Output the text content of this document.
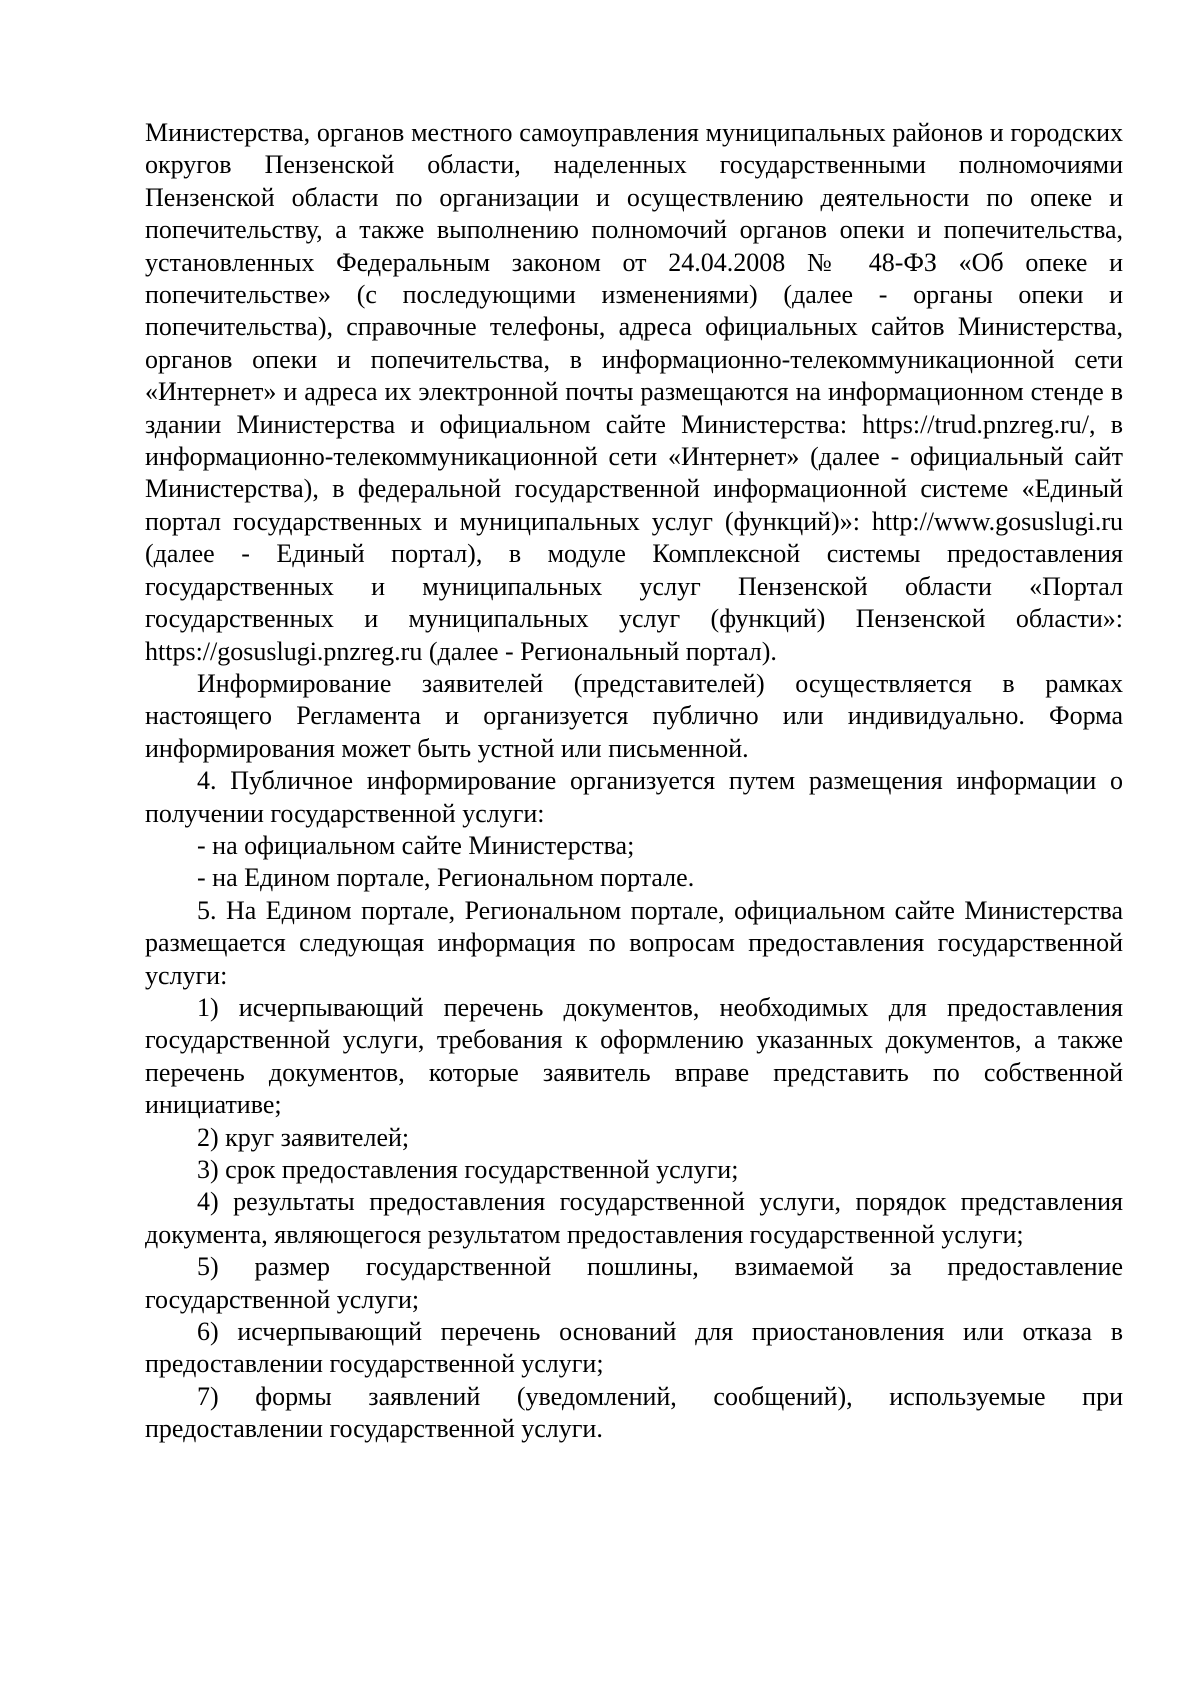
Министерства, органов местного самоуправления муниципальных районов и городских округов Пензенской области, наделенных государственными полномочиями Пензенской области по организации и осуществлению деятельности по опеке и попечительству, а также выполнению полномочий органов опеки и попечительства, установленных Федеральным законом от 24.04.2008 № 48-ФЗ «Об опеке и попечительстве» (с последующими изменениями) (далее - органы опеки и попечительства), справочные телефоны, адреса официальных сайтов Министерства, органов опеки и попечительства, в информационно-телекоммуникационной сети «Интернет» и адреса их электронной почты размещаются на информационном стенде в здании Министерства и официальном сайте Министерства: https://trud.pnzreg.ru/, в информационно-телекоммуникационной сети «Интернет» (далее - официальный сайт Министерства), в федеральной государственной информационной системе «Единый портал государственных и муниципальных услуг (функций)»: http://www.gosuslugi.ru (далее - Единый портал), в модуле Комплексной системы предоставления государственных и муниципальных услуг Пензенской области «Портал государственных и муниципальных услуг (функций) Пензенской области»: https://gosuslugi.pnzreg.ru (далее - Региональный портал).

Информирование заявителей (представителей) осуществляется в рамках настоящего Регламента и организуется публично или индивидуально. Форма информирования может быть устной или письменной.

4. Публичное информирование организуется путем размещения информации о получении государственной услуги:

- на официальном сайте Министерства;

- на Едином портале, Региональном портале.

5. На Едином портале, Региональном портале, официальном сайте Министерства размещается следующая информация по вопросам предоставления государственной услуги:

1) исчерпывающий перечень документов, необходимых для предоставления государственной услуги, требования к оформлению указанных документов, а также перечень документов, которые заявитель вправе представить по собственной инициативе;

2) круг заявителей;

3) срок предоставления государственной услуги;

4) результаты предоставления государственной услуги, порядок представления документа, являющегося результатом предоставления государственной услуги;

5) размер государственной пошлины, взимаемой за предоставление государственной услуги;

6) исчерпывающий перечень оснований для приостановления или отказа в предоставлении государственной услуги;

7) формы заявлений (уведомлений, сообщений), используемые при предоставлении государственной услуги.
